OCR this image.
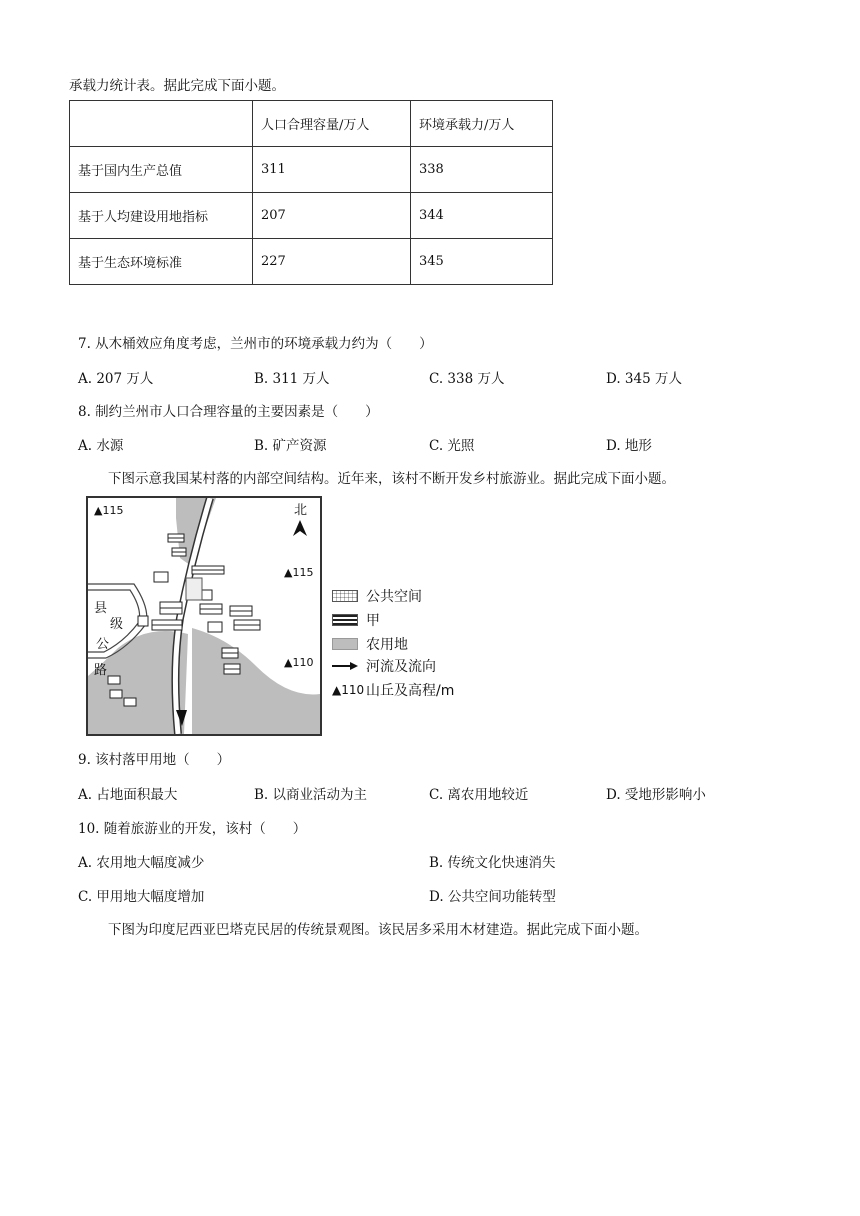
承载力统计表。据此完成下面小题。
	人口合理容量/万人	环境承载力/万人
基于国内生产总值	311	338
基于人均建设用地指标	207	344
基于生态环境标准	227	345
7. 从木桶效应角度考虑，兰州市的环境承载力约为（　　）
A. 207 万人	B. 311 万人	C. 338 万人	D. 345 万人
8. 制约兰州市人口合理容量的主要因素是（　　）
A. 水源	B. 矿产资源	C. 光照	D. 地形
下图示意我国某村落的内部空间结构。近年来，该村不断开发乡村旅游业。据此完成下面小题。
▲115
▲115
▲110
北
县
级
公
路
公共空间
甲
农用地
河流及流向
▲110 山丘及高程/m
9. 该村落甲用地（　　）
A. 占地面积最大	B. 以商业活动为主	C. 离农用地较近	D. 受地形影响小
10. 随着旅游业的开发，该村（　　）
A. 农用地大幅度减少	B. 传统文化快速消失
C. 甲用地大幅度增加	D. 公共空间功能转型
下图为印度尼西亚巴塔克民居的传统景观图。该民居多采用木材建造。据此完成下面小题。
